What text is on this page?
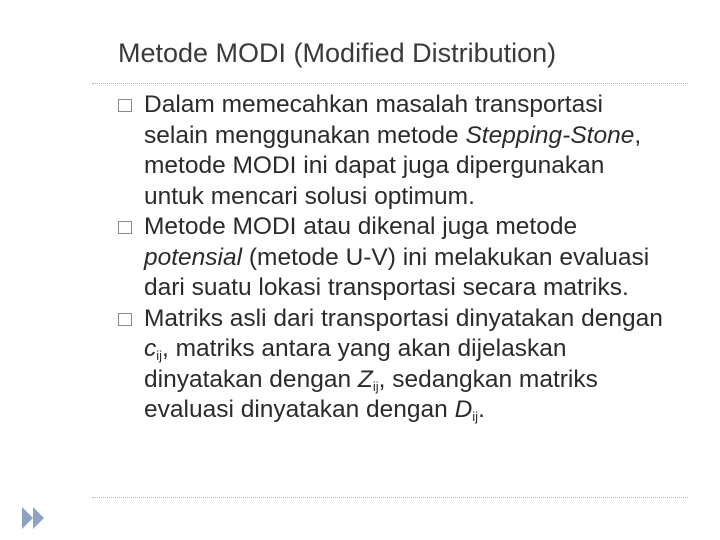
Metode MODI (Modified Distribution)
Dalam memecahkan masalah transportasi
selain menggunakan metode Stepping-Stone,
metode MODI ini dapat juga dipergunakan
untuk mencari solusi optimum.
Metode MODI atau dikenal juga metode
potensial (metode U-V) ini melakukan evaluasi
dari suatu lokasi transportasi secara matriks.
Matriks asli dari transportasi dinyatakan dengan
$c_{ij}$, matriks antara yang akan dijelaskan
dinyatakan dengan $Z_{ij}$, sedangkan matriks
evaluasi dinyatakan dengan $D_{ij}$.
